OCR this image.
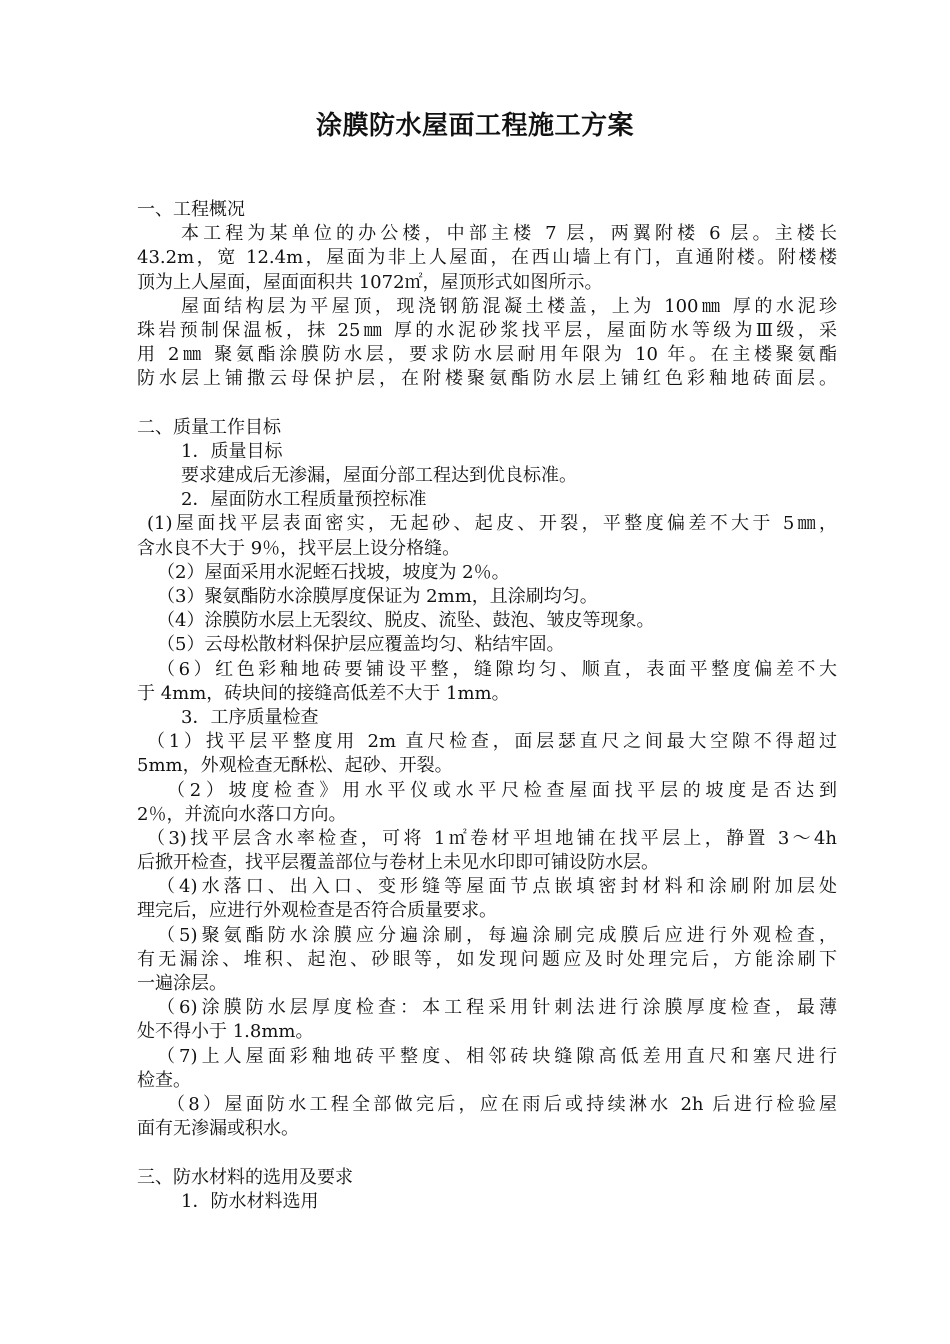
涂膜防水屋面工程施工方案
一、工程概况
本工程为某单位的办公楼，中部主楼 7 层，两翼附楼 6 层。主楼长
43.2m，宽 12.4m，屋面为非上人屋面，在西山墙上有门，直通附楼。附楼楼
顶为上人屋面，屋面面积共 1072㎡，屋顶形式如图所示。
屋面结构层为平屋顶，现浇钢筋混凝土楼盖，上为 100㎜ 厚的水泥珍
珠岩预制保温板，抹 25㎜ 厚的水泥砂浆找平层，屋面防水等级为Ⅲ级，采
用 2㎜ 聚氨酯涂膜防水层，要求防水层耐用年限为 10 年。在主楼聚氨酯
防水层上铺撒云母保护层，在附楼聚氨酯防水层上铺红色彩釉地砖面层。
二、质量工作目标
1．质量目标
要求建成后无渗漏，屋面分部工程达到优良标准。
2．屋面防水工程质量预控标准
(1)屋面找平层表面密实，无起砂、起皮、开裂，平整度偏差不大于 5㎜，
含水良不大于 9％，找平层上设分格缝。
（2）屋面采用水泥蛭石找坡，坡度为 2％。
（3）聚氨酯防水涂膜厚度保证为 2mm，且涂刷均匀。
（4）涂膜防水层上无裂纹、脱皮、流坠、鼓泡、皱皮等现象。
（5）云母松散材料保护层应覆盖均匀、粘结牢固。
（6）红色彩釉地砖要铺设平整，缝隙均匀、顺直，表面平整度偏差不大
于 4mm，砖块间的接缝高低差不大于 1mm。
3．工序质量检查
（1）找平层平整度用 2m 直尺检查，面层瑟直尺之间最大空隙不得超过
5mm，外观检查无酥松、起砂、开裂。
（2）坡度检查》用水平仪或水平尺检查屋面找平层的坡度是否达到
2％，并流向水落口方向。
（3)找平层含水率检查，可将 1㎡卷材平坦地铺在找平层上，静置 3～4h
后掀开检查，找平层覆盖部位与卷材上未见水印即可铺设防水层。
（4)水落口、出入口、变形缝等屋面节点嵌填密封材料和涂刷附加层处
理完后，应进行外观检查是否符合质量要求。
（5)聚氨酯防水涂膜应分遍涂刷，每遍涂刷完成膜后应进行外观检查，
有无漏涂、堆积、起泡、砂眼等，如发现问题应及时处理完后，方能涂刷下
一遍涂层。
（6)涂膜防水层厚度检查：本工程采用针刺法进行涂膜厚度检查，最薄
处不得小于 1.8mm。
（7)上人屋面彩釉地砖平整度、相邻砖块缝隙高低差用直尺和塞尺进行
检查。
（8）屋面防水工程全部做完后，应在雨后或持续淋水 2h 后进行检验屋
面有无渗漏或积水。
三、防水材料的选用及要求
1．防水材料选用
